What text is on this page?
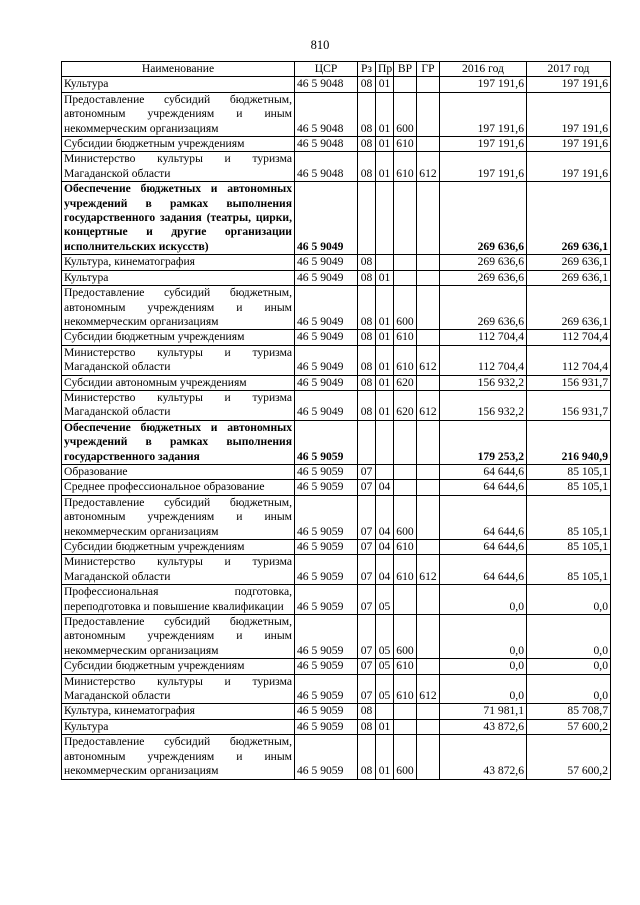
810
Наименование	ЦСР	Рз	Пр	ВР	ГР	2016 год	2017 год
Культура	46 5 9048	08	01			197 191,6	197 191,6
Предоставление субсидий бюджетным, автономным учреждениям и иным некоммерческим организациям	46 5 9048	08	01	600		197 191,6	197 191,6
Субсидии бюджетным учреждениям	46 5 9048	08	01	610		197 191,6	197 191,6
Министерство культуры и туризма Магаданской области	46 5 9048	08	01	610	612	197 191,6	197 191,6
Обеспечение бюджетных и автономных учреждений в рамках выполнения государственного задания (театры, цирки, концертные и другие организации исполнительских искусств)	46 5 9049					269 636,6	269 636,1
Культура, кинематография	46 5 9049	08				269 636,6	269 636,1
Культура	46 5 9049	08	01			269 636,6	269 636,1
Предоставление субсидий бюджетным, автономным учреждениям и иным некоммерческим организациям	46 5 9049	08	01	600		269 636,6	269 636,1
Субсидии бюджетным учреждениям	46 5 9049	08	01	610		112 704,4	112 704,4
Министерство культуры и туризма Магаданской области	46 5 9049	08	01	610	612	112 704,4	112 704,4
Субсидии автономным учреждениям	46 5 9049	08	01	620		156 932,2	156 931,7
Министерство культуры и туризма Магаданской области	46 5 9049	08	01	620	612	156 932,2	156 931,7
Обеспечение бюджетных и автономных учреждений в рамках выполнения государственного задания	46 5 9059					179 253,2	216 940,9
Образование	46 5 9059	07				64 644,6	85 105,1
Среднее профессиональное образование	46 5 9059	07	04			64 644,6	85 105,1
Предоставление субсидий бюджетным, автономным учреждениям и иным некоммерческим организациям	46 5 9059	07	04	600		64 644,6	85 105,1
Субсидии бюджетным учреждениям	46 5 9059	07	04	610		64 644,6	85 105,1
Министерство культуры и туризма Магаданской области	46 5 9059	07	04	610	612	64 644,6	85 105,1
Профессиональная подготовка, переподготовка и повышение квалификации	46 5 9059	07	05			0,0	0,0
Предоставление субсидий бюджетным, автономным учреждениям и иным некоммерческим организациям	46 5 9059	07	05	600		0,0	0,0
Субсидии бюджетным учреждениям	46 5 9059	07	05	610		0,0	0,0
Министерство культуры и туризма Магаданской области	46 5 9059	07	05	610	612	0,0	0,0
Культура, кинематография	46 5 9059	08				71 981,1	85 708,7
Культура	46 5 9059	08	01			43 872,6	57 600,2
Предоставление субсидий бюджетным, автономным учреждениям и иным некоммерческим организациям	46 5 9059	08	01	600		43 872,6	57 600,2
